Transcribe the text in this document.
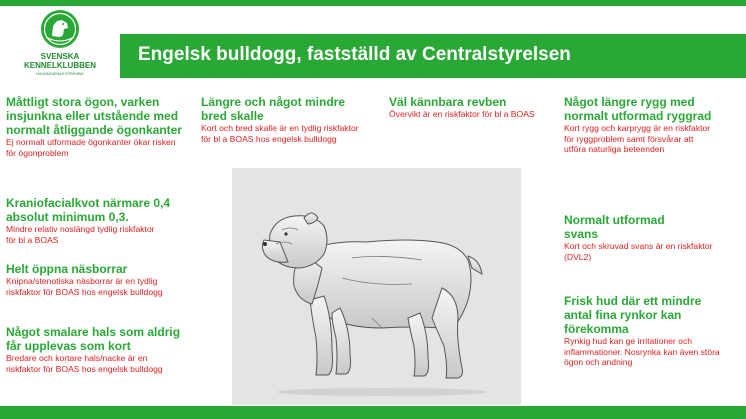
SVENSKA
KENNELKLUBBEN
HUNDÄGARNAS FÖRENING
Engelsk bulldogg, fastställd av Centralstyrelsen
Måttligt stora ögon, varken insjunkna eller utstående med normalt åtliggande ögonkanter
Ej normalt utformade ögonkanter ökar risken för ögonproblem
Kraniofacialkvot närmare 0,4 absolut minimum 0,3.
Mindre relativ noslängd tydlig riskfaktor för bl a BOAS
Helt öppna näsborrar
Knipna/stenotiska näsborrar är en tydlig riskfaktor för BOAS hos engelsk bulldogg
Något smalare hals som aldrig får upplevas som kort
Bredare och kortare hals/nacke är en riskfaktor för BOAS hos engelsk bulldogg
Längre och något mindre bred skalle
Kort och bred skalle är en tydlig riskfaktor för bl a BOAS hos engelsk bulldogg
Väl kännbara revben
Övervikt är en riskfaktor för bl a BOAS
Något längre rygg med normalt utformad ryggrad
Kort rygg och karprygg är en riskfaktor för ryggproblem samt försvårar att utföra naturliga beteenden
Normalt utformad svans
Kort och skruvad svans är en riskfaktor (DVL2)
Frisk hud där ett mindre antal fina rynkor kan förekomma
Rynkig hud kan ge irritationer och inflammationer. Nosrynka kan även störa ögon och andning
